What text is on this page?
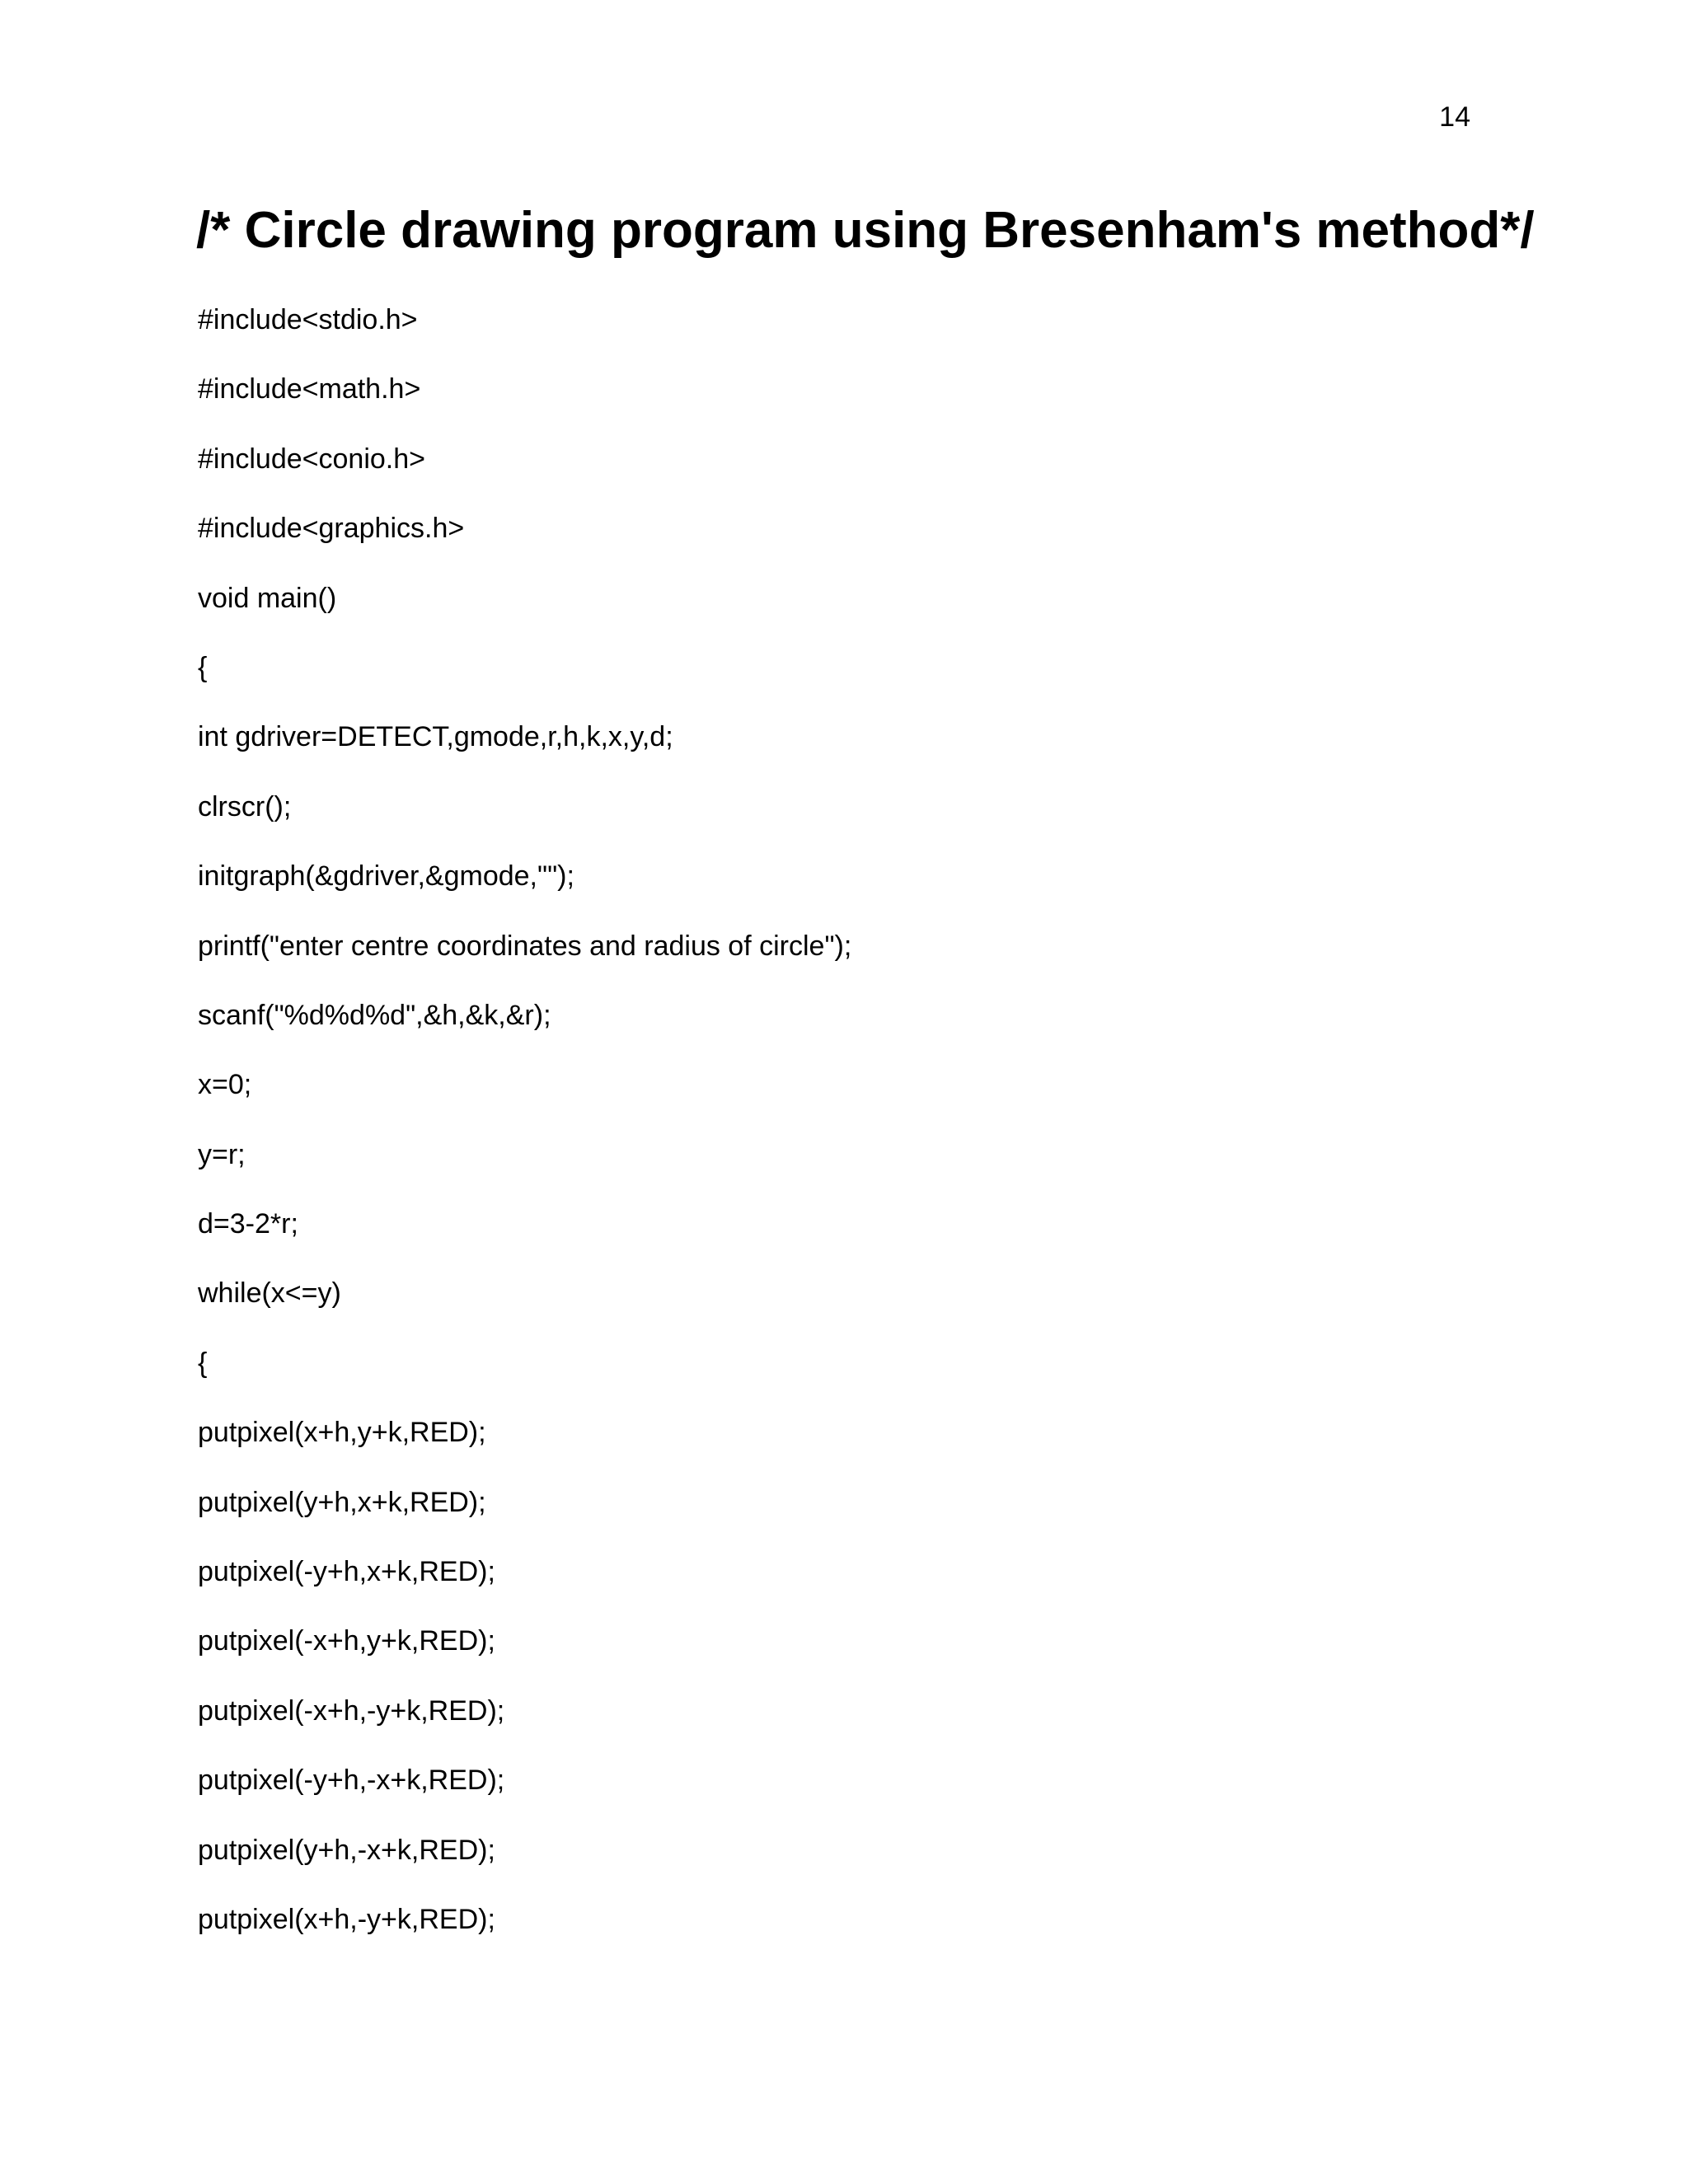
14
/* Circle drawing program using Bresenham's method*/
#include<stdio.h>
#include<math.h>
#include<conio.h>
#include<graphics.h>
void main()
{
int gdriver=DETECT,gmode,r,h,k,x,y,d;
clrscr();
initgraph(&gdriver,&gmode,"");
printf("enter centre coordinates and radius of circle");
scanf("%d%d%d",&h,&k,&r);
x=0;
y=r;
d=3-2*r;
while(x<=y)
{
putpixel(x+h,y+k,RED);
putpixel(y+h,x+k,RED);
putpixel(-y+h,x+k,RED);
putpixel(-x+h,y+k,RED);
putpixel(-x+h,-y+k,RED);
putpixel(-y+h,-x+k,RED);
putpixel(y+h,-x+k,RED);
putpixel(x+h,-y+k,RED);
